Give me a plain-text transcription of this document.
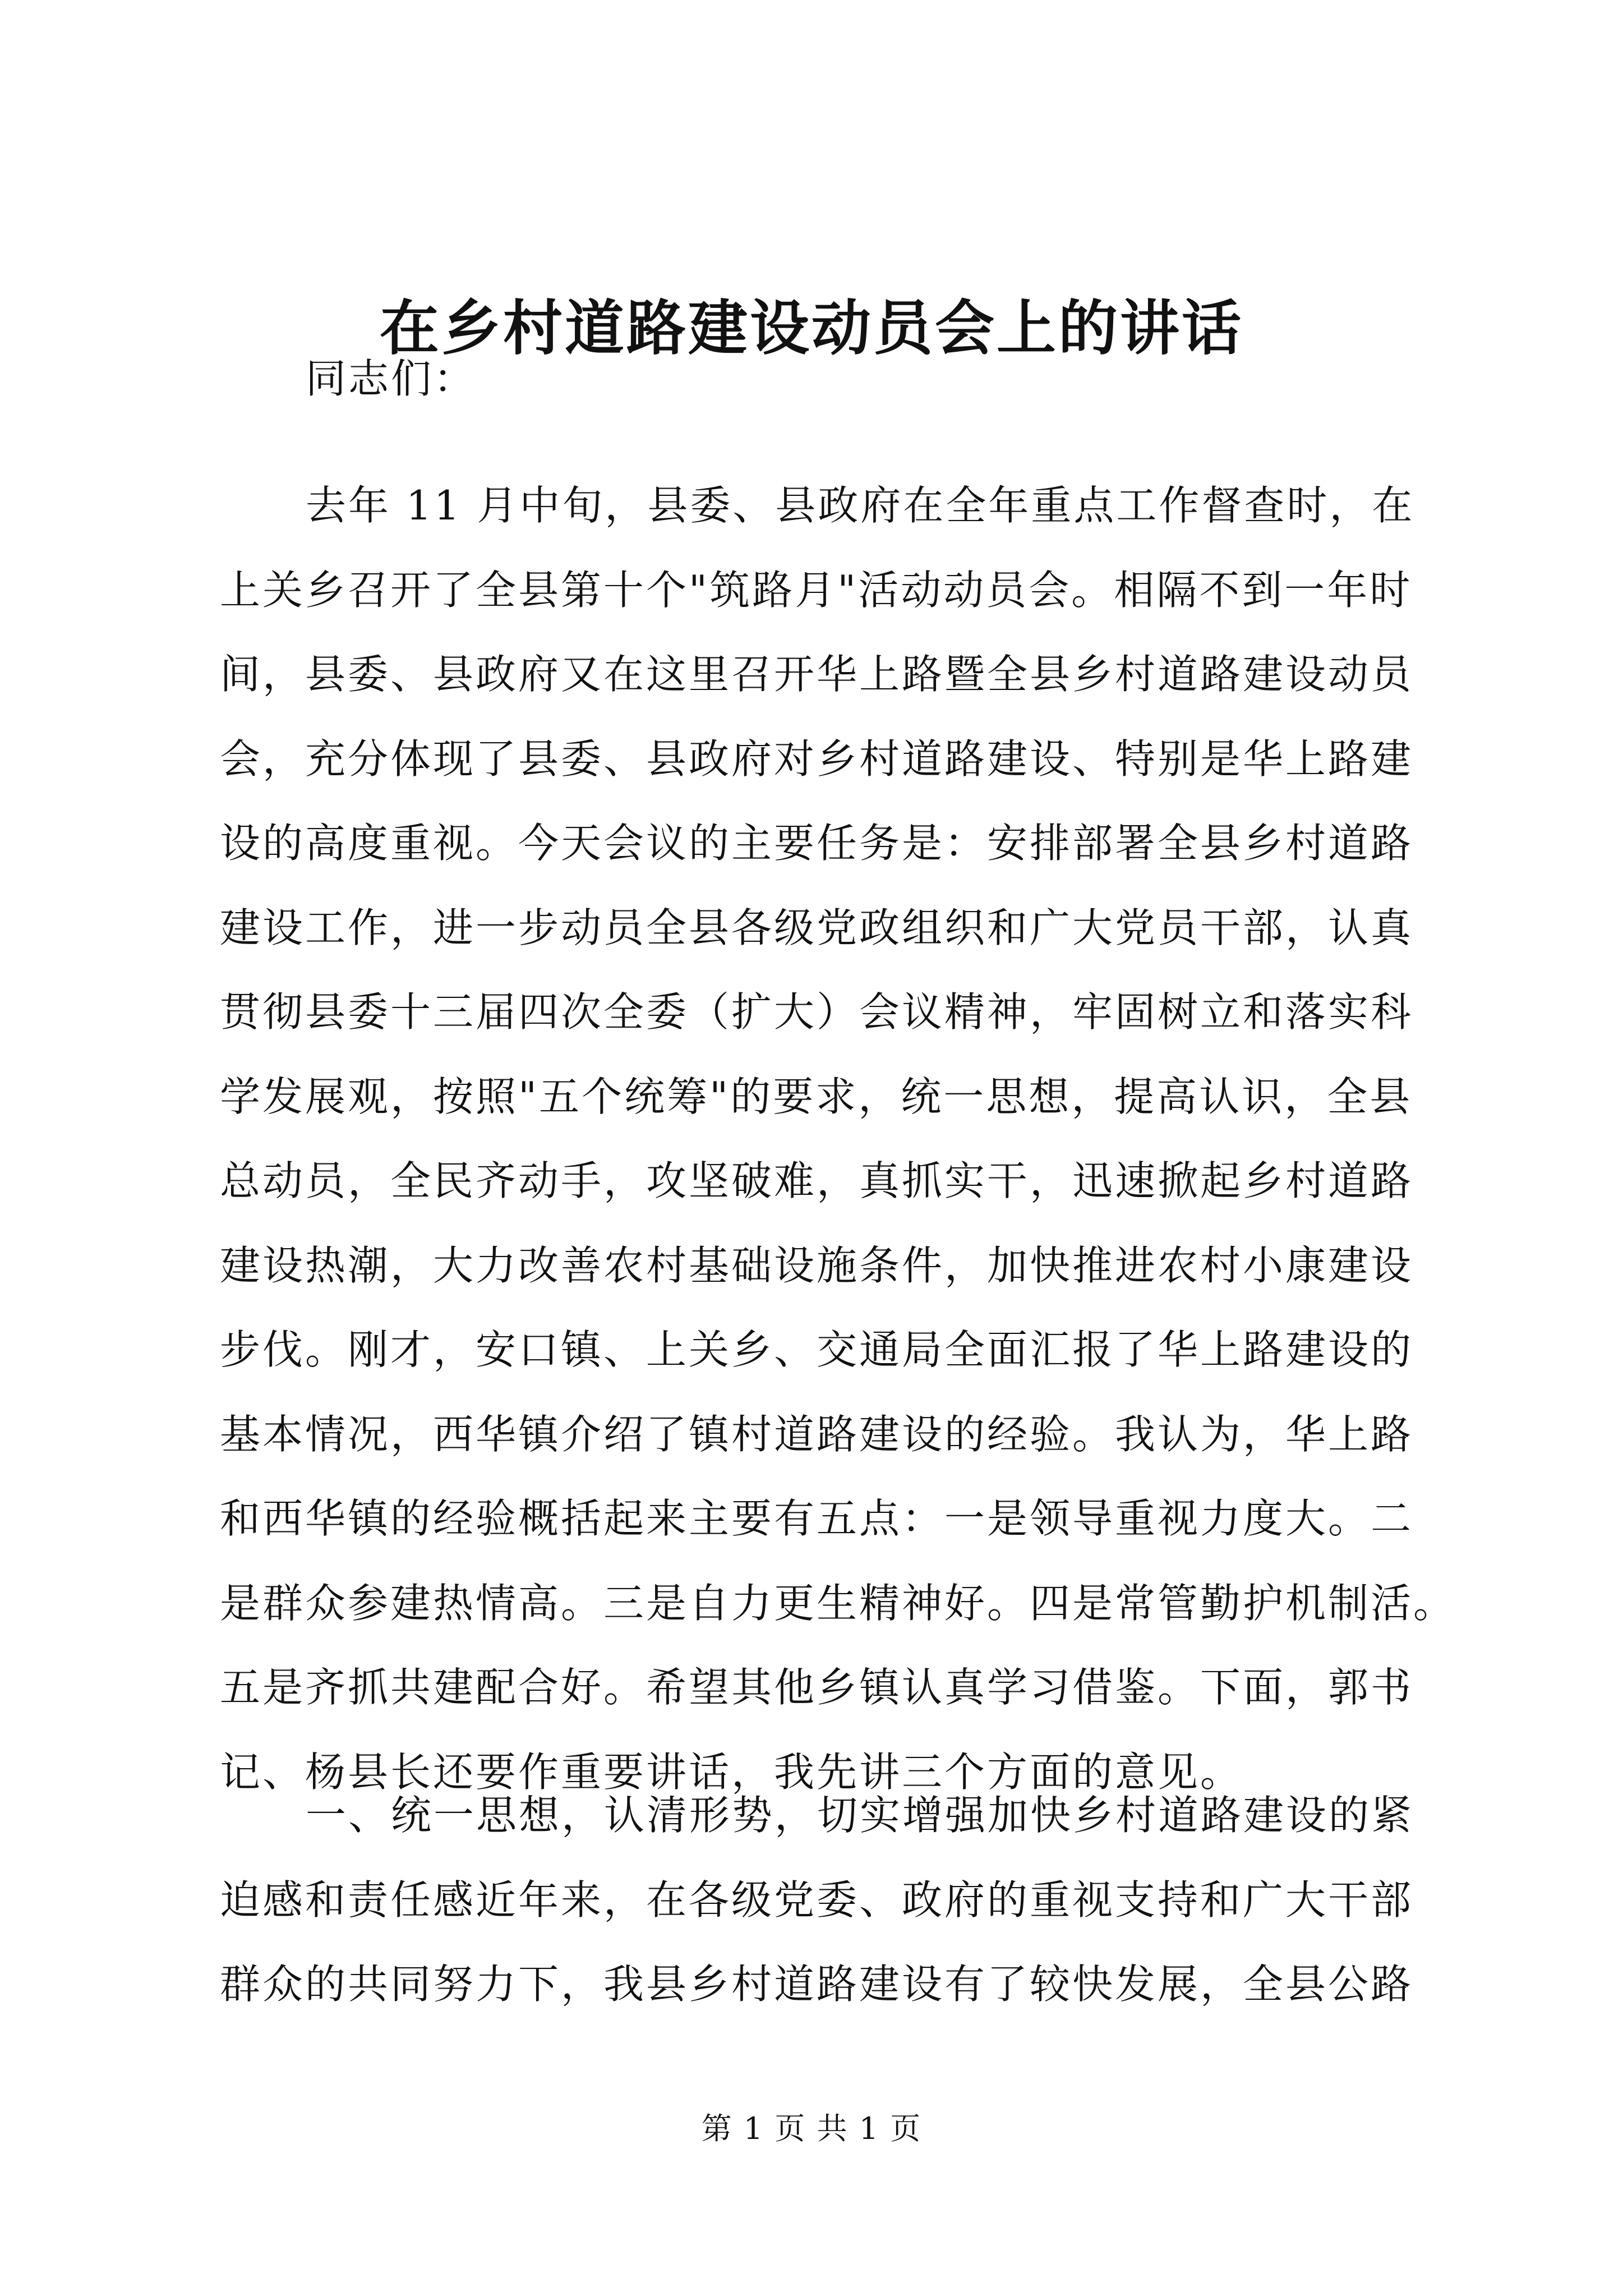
在乡村道路建设动员会上的讲话

同志们：

去年 11 月中旬，县委、县政府在全年重点工作督查时，在
上关乡召开了全县第十个"筑路月"活动动员会。相隔不到一年时
间，县委、县政府又在这里召开华上路暨全县乡村道路建设动员
会，充分体现了县委、县政府对乡村道路建设、特别是华上路建
设的高度重视。今天会议的主要任务是：安排部署全县乡村道路
建设工作，进一步动员全县各级党政组织和广大党员干部，认真
贯彻县委十三届四次全委（扩大）会议精神，牢固树立和落实科
学发展观，按照"五个统筹"的要求，统一思想，提高认识，全县
总动员，全民齐动手，攻坚破难，真抓实干，迅速掀起乡村道路
建设热潮，大力改善农村基础设施条件，加快推进农村小康建设
步伐。刚才，安口镇、上关乡、交通局全面汇报了华上路建设的
基本情况，西华镇介绍了镇村道路建设的经验。我认为，华上路
和西华镇的经验概括起来主要有五点：一是领导重视力度大。二
是群众参建热情高。三是自力更生精神好。四是常管勤护机制活。
五是齐抓共建配合好。希望其他乡镇认真学习借鉴。下面，郭书
记、杨县长还要作重要讲话，我先讲三个方面的意见。
一、统一思想，认清形势，切实增强加快乡村道路建设的紧
迫感和责任感近年来，在各级党委、政府的重视支持和广大干部
群众的共同努力下，我县乡村道路建设有了较快发展，全县公路
第 1 页 共 1 页
